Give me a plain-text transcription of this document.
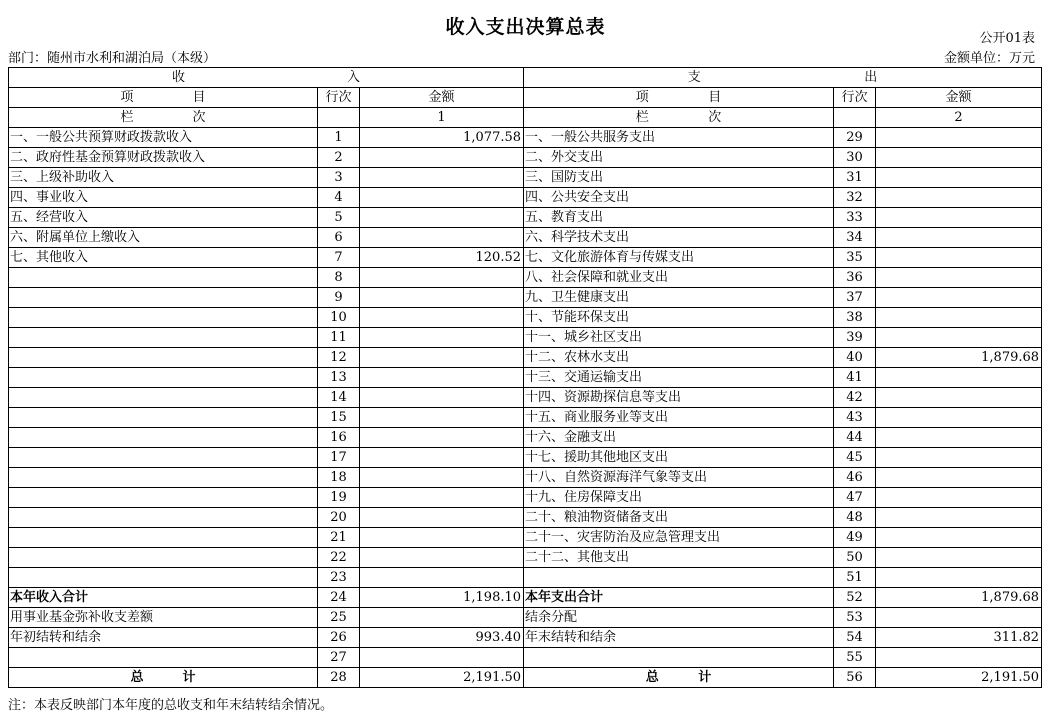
收入支出决算总表
公开01表
部门：随州市水利和湖泊局（本级）	金额单位：万元
收 入			支 出		

项 目	行次	金额	项 目	行次	金额

栏 次		1	栏 次		2
一、一般公共预算财政拨款收入	1	1,077.58	一、一般公共服务支出	29	
二、政府性基金预算财政拨款收入	2		二、外交支出	30	
三、上级补助收入	3		三、国防支出	31	
四、事业收入	4		四、公共安全支出	32	
五、经营收入	5		五、教育支出	33	
六、附属单位上缴收入	6		六、科学技术支出	34	
七、其他收入	7	120.52	七、文化旅游体育与传媒支出	35	
	8		八、社会保障和就业支出	36	
	9		九、卫生健康支出	37	
	10		十、节能环保支出	38	
	11		十一、城乡社区支出	39	
	12		十二、农林水支出	40	1,879.68
	13		十三、交通运输支出	41	
	14		十四、资源勘探信息等支出	42	
	15		十五、商业服务业等支出	43	
	16		十六、金融支出	44	
	17		十七、援助其他地区支出	45	
	18		十八、自然资源海洋气象等支出	46	
	19		十九、住房保障支出	47	
	20		二十、粮油物资储备支出	48	
	21		二十一、灾害防治及应急管理支出	49	
	22		二十二、其他支出	50	
	23			51	
本年收入合计	24	1,198.10	本年支出合计	52	1,879.68
用事业基金弥补收支差额	25		结余分配	53	
年初结转和结余	26	993.40	年末结转和结余	54	311.82
	27			55	

总 计	28	2,191.50	总 计	56	2,191.50
注：本表反映部门本年度的总收支和年末结转结余情况。
